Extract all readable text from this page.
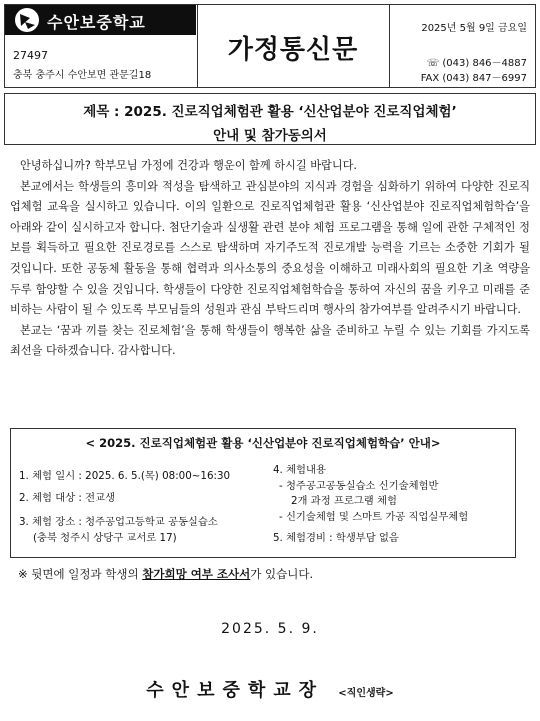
수안보중학교
27497
충북 충주시 수안보면 관문길18
가정통신문
2025년 5월 9일 금요일
☏ (043) 846－4887
FAX (043) 847－6997
제목 : 2025. 진로직업체험관 활용 ‘신산업분야 진로직업체험’
안내 및 참가동의서

안녕하십니까? 학부모님 가정에 건강과 행운이 함께 하시길 바랍니다.

본교에서는 학생들의 흥미와 적성을 탐색하고 관심분야의 지식과 경험을 심화하기 위하여 다양한 진로직업체험 교육을 실시하고 있습니다. 이의 일환으로 진로직업체험관 활용 ‘신산업분야 진로직업체험학습’을 아래와 같이 실시하고자 합니다. 첨단기술과 실생활 관련 분야 체험 프로그램을 통해 일에 관한 구체적인 정보를 획득하고 필요한 진로경로를 스스로 탐색하며 자기주도적 진로개발 능력을 기르는 소중한 기회가 될 것입니다. 또한 공동체 활동을 통해 협력과 의사소통의 중요성을 이해하고 미래사회의 필요한 기초 역량을 두루 함양할 수 있을 것입니다. 학생들이 다양한 진로직업체험학습을 통하여 자신의 꿈을 키우고 미래를 준비하는 사람이 될 수 있도록 부모님들의 성원과 관심 부탁드리며 행사의 참가여부를 알려주시기 바랍니다.

본교는 ‘꿈과 끼를 찾는 진로체험’을 통해 학생들이 행복한 삶을 준비하고 누릴 수 있는 기회를 가지도록 최선을 다하겠습니다. 감사합니다.

< 2025. 진로직업체험관 활용 ‘신산업분야 진로직업체험학습’ 안내>
1. 체험 일시 : 2025. 6. 5.(목) 08:00~16:30
2. 체험 대상 : 전교생
3. 체험 장소 : 청주공업고등학교 공동실습소
(충북 청주시 상당구 교서로 17)
4. 체험내용
- 청주공고공동실습소 신기술체험반
2개 과정 프로그램 체험
- 신기술체험 및 스마트 가공 직업실무체험
5. 체험경비 : 학생부담 없음
※ 뒷면에 일정과 학생의 참가희망 여부 조사서가 있습니다.
2025. 5. 9.
수안보중학교장 <직인생략>
